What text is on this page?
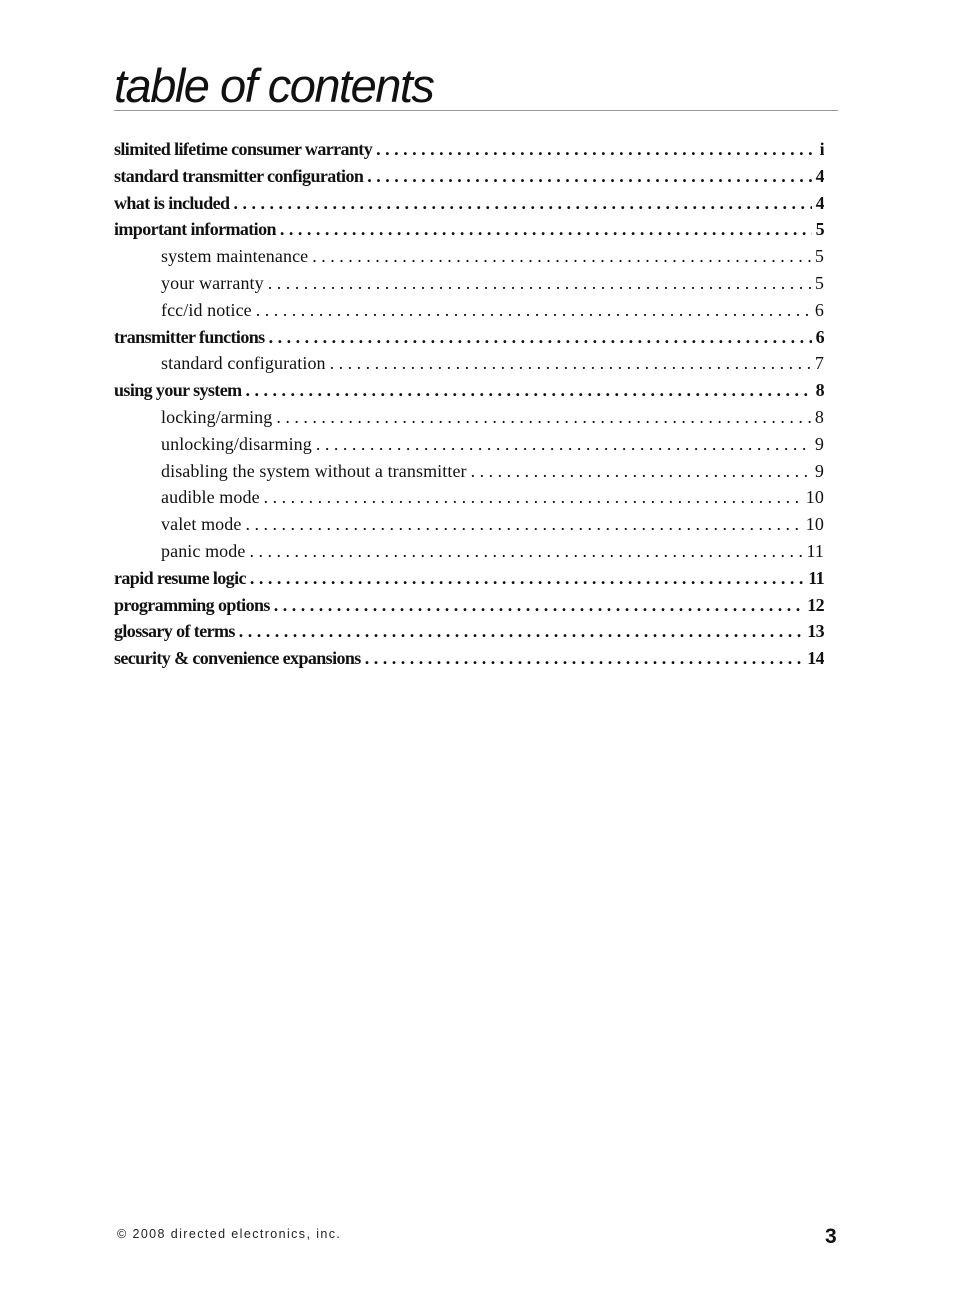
table of contents
slimited lifetime consumer warranty . . .	i
standard transmitter configuration . . .	4
what is included . . .	4
important information . . .	5
system maintenance . . .	5
your warranty . . .	5
fcc/id notice . . .	6
transmitter functions . . .	6
standard configuration . . .	7
using your system . . .	8
locking/arming . . .	8
unlocking/disarming . . .	9
disabling the system without a transmitter . . .	9
audible mode . . .	10
valet mode . . .	10
panic mode . . .	11
rapid resume logic . . .	11
programming options . . .	12
glossary of terms . . .	13
security & convenience expansions . . .	14
© 2008 directed electronics, inc.	3
